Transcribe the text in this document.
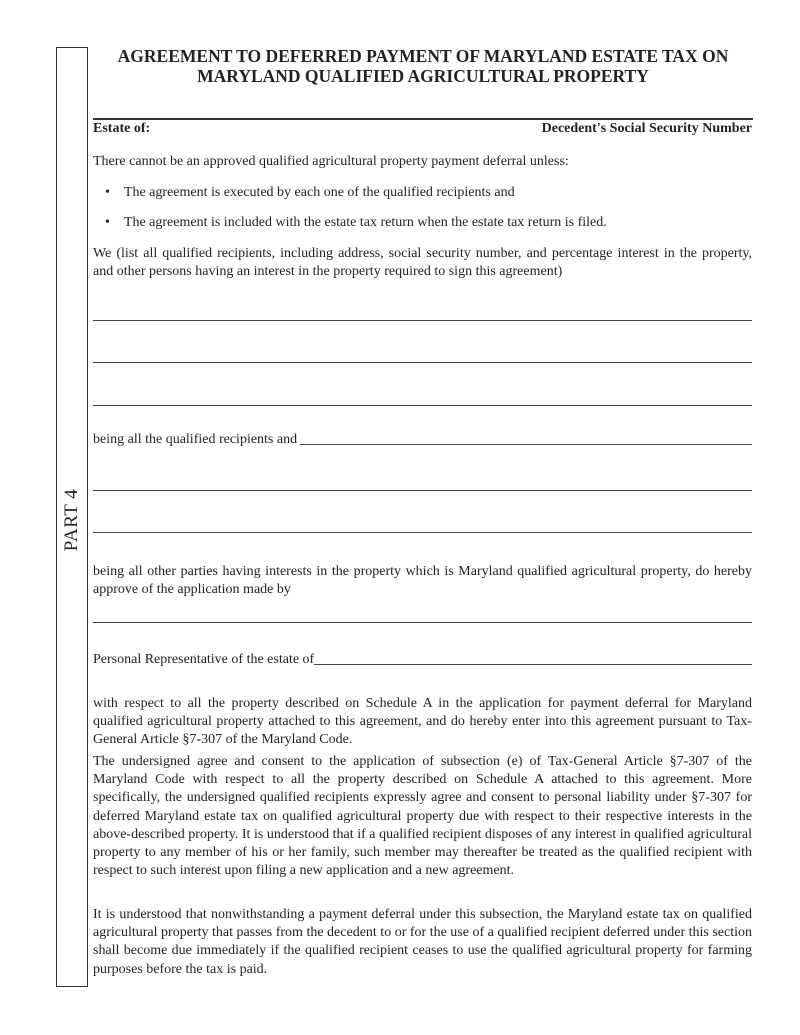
PART 4
AGREEMENT TO DEFERRED PAYMENT OF MARYLAND ESTATE TAX ON
MARYLAND QUALIFIED AGRICULTURAL PROPERTY
Estate of:	Decedent's Social Security Number

There cannot be an approved qualified agricultural property payment deferral unless:

•    The agreement is executed by each one of the qualified recipients and
•    The agreement is included with the estate tax return when the estate tax return is filed.

We (list all qualified recipients, including address, social security number, and percentage interest in the property, and other persons having an interest in the property required to sign this agreement)

being all the qualified recipients and

being all other parties having interests in the property which is Maryland qualified agricultural property, do hereby approve of the application made by

Personal Representative of the estate of

with respect to all the property described on Schedule A in the application for payment deferral for Maryland qualified agricultural property attached to this agreement, and do hereby enter into this agreement pursuant to Tax-General Article §7-307 of the Maryland Code.

The undersigned agree and consent to the application of subsection (e) of Tax-General Article §7-307 of the Maryland Code with respect to all the property described on Schedule A attached to this agreement. More specifically, the undersigned qualified recipients expressly agree and consent to personal liability under §7-307 for deferred Maryland estate tax on qualified agricultural property due with respect to their respective interests in the above-described property. It is understood that if a qualified recipient disposes of any interest in qualified agricultural property to any member of his or her family, such member may thereafter be treated as the qualified recipient with respect to such interest upon filing a new application and a new agreement.

It is understood that nonwithstanding a payment deferral under this subsection, the Maryland estate tax on qualified agricultural property that passes from the decedent to or for the use of a qualified recipient deferred under this section shall become due immediately if the qualified recipient ceases to use the qualified agricultural property for farming purposes before the tax is paid.
